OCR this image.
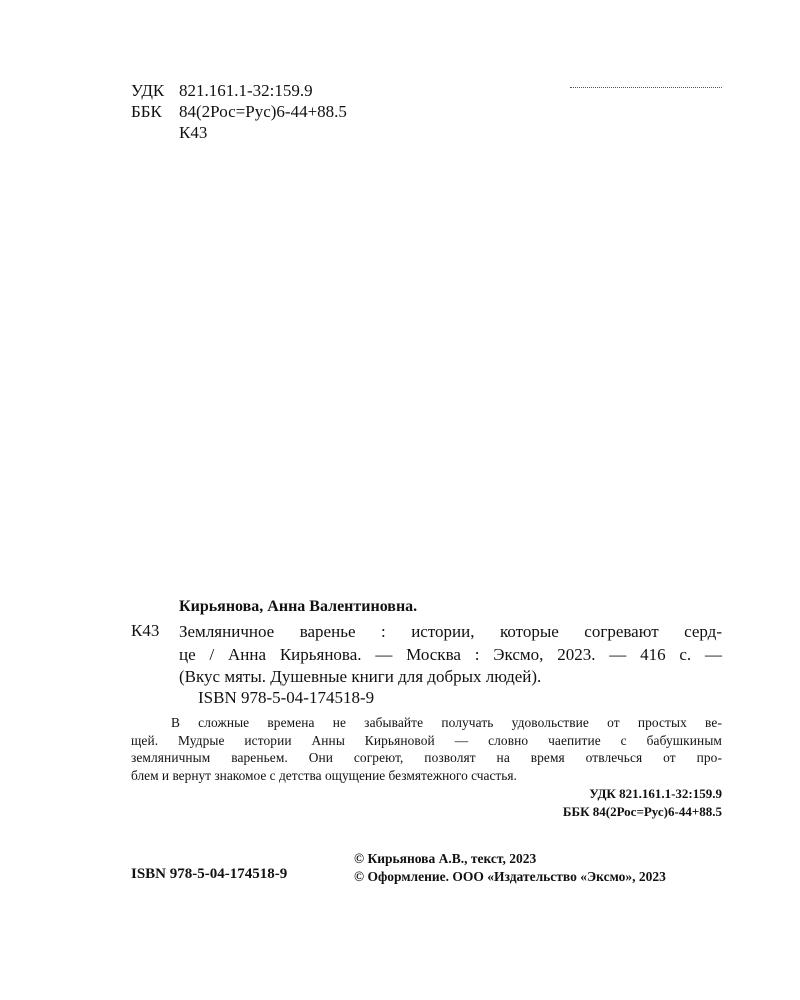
УДК 821.161.1-32:159.9
ББК 84(2Рос=Рус)6-44+88.5
К43
Кирьянова, Анна Валентиновна.
К43 Земляничное варенье : истории, которые согревают серд-
це / Анна Кирьянова. — Москва : Эксмо, 2023. — 416 с. —
(Вкус мяты. Душевные книги для добрых людей).
ISBN 978-5-04-174518-9
В сложные времена не забывайте получать удовольствие от простых ве-
щей. Мудрые истории Анны Кирьяновой — словно чаепитие с бабушкиным
земляничным вареньем. Они согреют, позволят на время отвлечься от про-
блем и вернут знакомое с детства ощущение безмятежного счастья.
УДК 821.161.1-32:159.9
ББК 84(2Рос=Рус)6-44+88.5
ISBN 978-5-04-174518-9
© Кирьянова А.В., текст, 2023
© Оформление. ООО «Издательство «Эксмо», 2023
